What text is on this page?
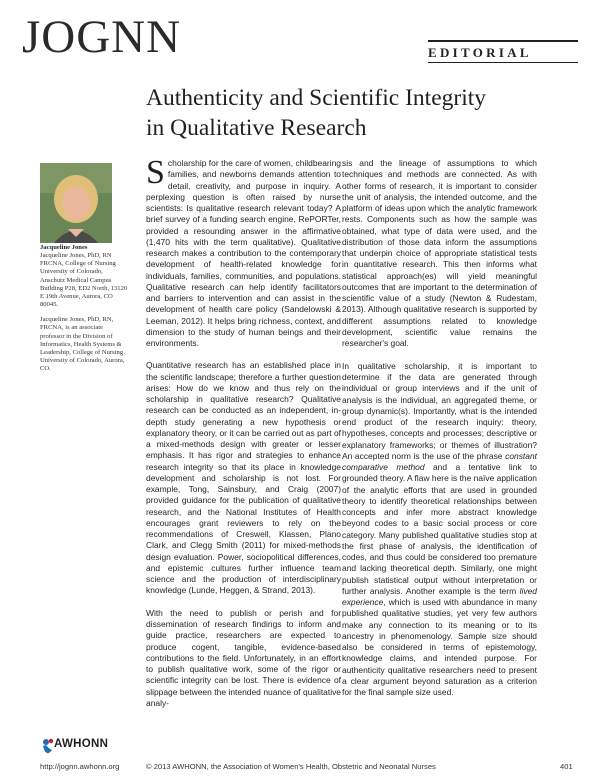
JOGNN	EDITORIAL
Authenticity and Scientific Integrity
in Qualitative Research

Jacqueline Jones

Jacqueline Jones, PhD, RN FRCNA, College of Nursing University of Colorado, Anschutz Medical Campus Building P28, ED2 North, 13120 E 19th Avenue, Aurora, CO 80045.

Jacqueline Jones, PhD, RN, FRCNA, is an associate professor in the Division of Informatics, Health Systems & Leadership, College of Nursing University of Colorado, Aurora, CO.

Scholarship for the care of women, childbearing families, and newborns demands attention to detail, creativity, and purpose in inquiry. A perplexing question is often raised by nurse scientists: Is qualitative research relevant today? A brief survey of a funding search engine, RePORTer, provided a resounding answer in the affirmative (1,470 hits with the term qualitative). Qualitative research makes a contribution to the contemporary development of health-related knowledge for individuals, families, communities, and populations. Qualitative research can help identify facilitators and barriers to intervention and can assist in the development of health care policy (Sandelowski & Leeman, 2012). It helps bring richness, context, and dimension to the study of human beings and their environments.

Quantitative research has an established place in the scientific landscape; therefore a further question arises: How do we know and thus rely on the scholarship in qualitative research? Qualitative research can be conducted as an independent, in-depth study generating a new hypothesis or explanatory theory, or it can be carried out as part of a mixed-methods design with greater or lesser emphasis. It has rigor and strategies to enhance research integrity so that its place in knowledge development and scholarship is not lost. For example, Tong, Sainsbury, and Craig (2007) provided guidance for the publication of qualitative research, and the National Institutes of Health encourages grant reviewers to rely on the recommendations of Creswell, Klassen, Plano Clark, and Clegg Smith (2011) for mixed-methods design evaluation. Power, sociopolitical differences, and epistemic cultures further influence team science and the production of interdisciplinary knowledge (Lunde, Heggen, & Strand, 2013).

With the need to publish or perish and for dissemination of research findings to inform and guide practice, researchers are expected to produce cogent, tangible, evidence-based contributions to the field. Unfortunately, in an effort to publish qualitative work, some of the rigor or scientific integrity can be lost. There is evidence of slippage between the intended nuance of qualitative analy-

sis and the lineage of assumptions to which techniques and methods are connected. As with other forms of research, it is important to consider the unit of analysis, the intended outcome, and the platform of ideas upon which the analytic framework rests. Components such as how the sample was obtained, what type of data were used, and the distribution of those data inform the assumptions that underpin choice of appropriate statistical tests in quantitative research. This then informs what statistical approach(es) will yield meaningful outcomes that are important to the determination of scientific value of a study (Newton & Rudestam, 2013). Although qualitative research is supported by different assumptions related to knowledge development, scientific value remains the researcher's goal.

In qualitative scholarship, it is important to determine if the data are generated through individual or group interviews and if the unit of analysis is the individual, an aggregated theme, or group dynamic(s). Importantly, what is the intended end product of the research inquiry: theory, hypotheses, concepts and processes; descriptive or explanatory frameworks; or themes of illustration? An accepted norm is the use of the phrase constant comparative method and a tentative link to grounded theory. A flaw here is the naïve application of the analytic efforts that are used in grounded theory to identify theoretical relationships between concepts and infer more abstract knowledge beyond codes to a basic social process or core category. Many published qualitative studies stop at the first phase of analysis, the identification of codes, and thus could be considered too premature and lacking theoretical depth. Similarly, one might publish statistical output without interpretation or further analysis. Another example is the term lived experience, which is used with abundance in many published qualitative studies, yet very few authors make any connection to its meaning or to its ancestry in phenomenology. Sample size should also be considered in terms of epistemology, knowledge claims, and intended purpose. For authenticity qualitative researchers need to present a clear argument beyond saturation as a criterion for the final sample size used.

AWHONN
http://jognn.awhonn.org	© 2013 AWHONN, the Association of Women's Health, Obstetric and Neonatal Nurses	401
